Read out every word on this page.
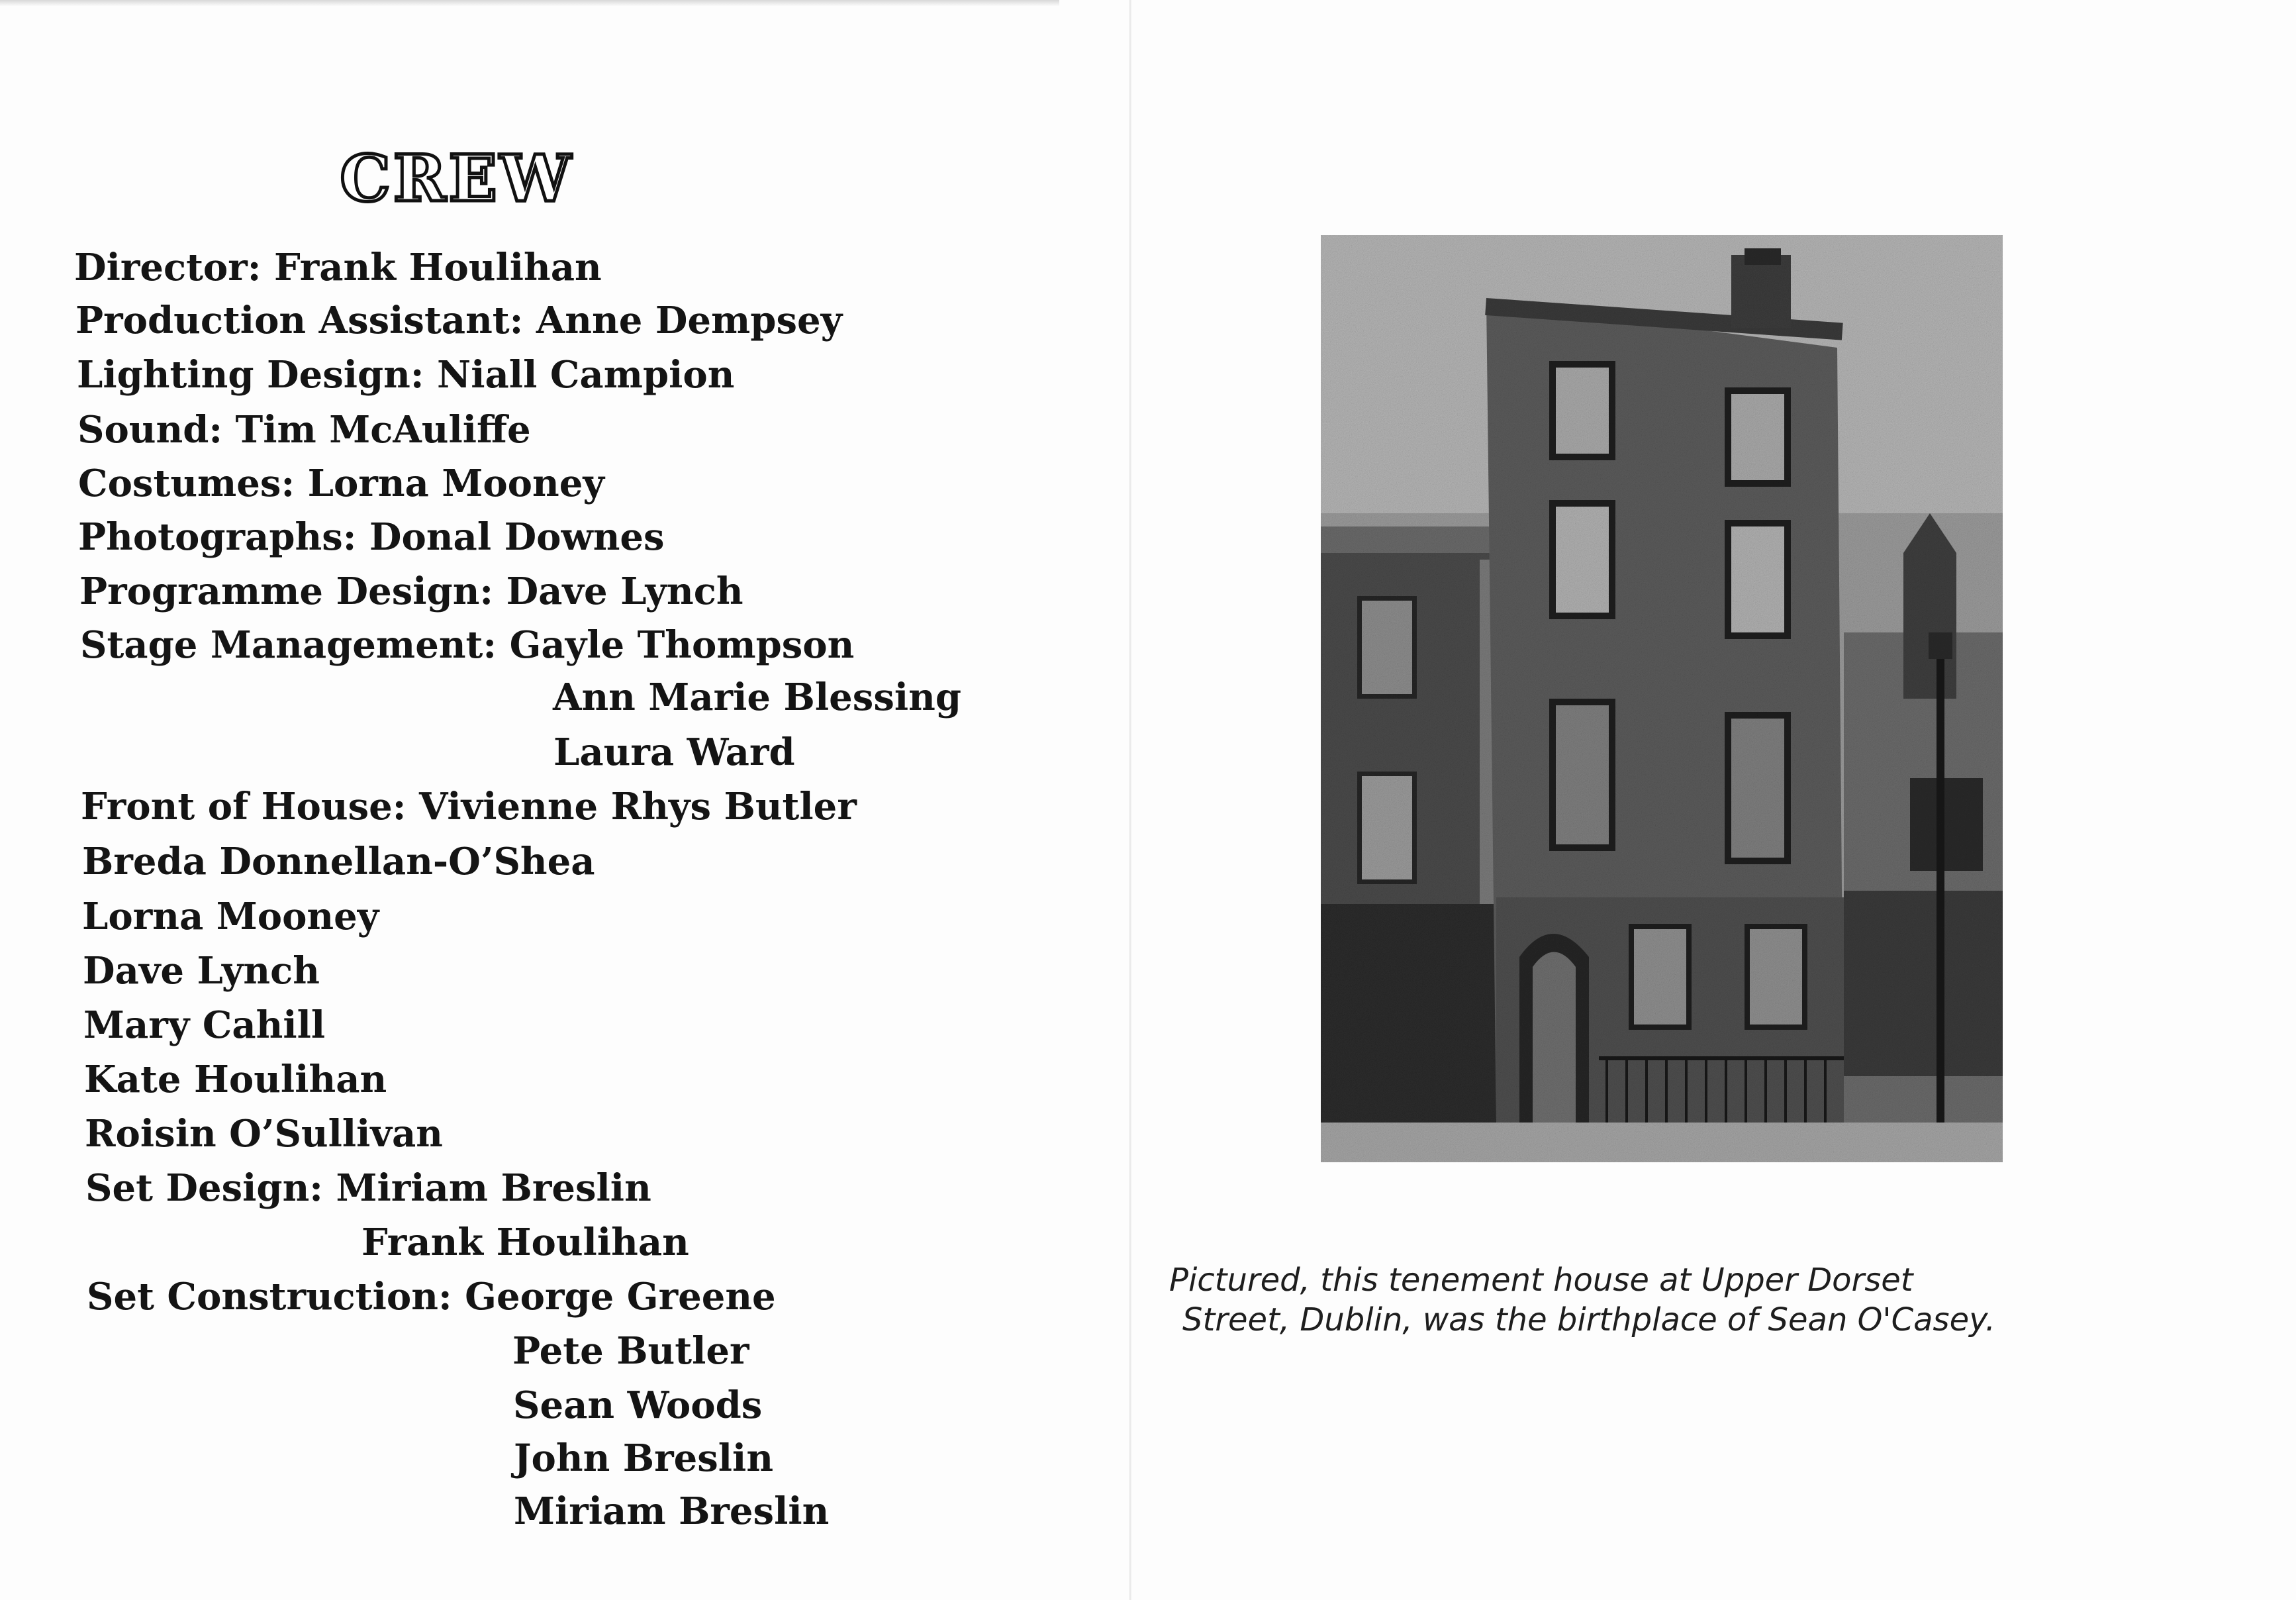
CREW
Director: Frank Houlihan
Production Assistant: Anne Dempsey
Lighting Design: Niall Campion
Sound: Tim McAuliffe
Costumes: Lorna Mooney
Photographs: Donal Downes
Programme Design: Dave Lynch
Stage Management: Gayle Thompson
Ann Marie Blessing
Laura Ward
Front of House: Vivienne Rhys Butler
Breda Donnellan-O’Shea
Lorna Mooney
Dave Lynch
Mary Cahill
Kate Houlihan
Roisin O’Sullivan
Set Design: Miriam Breslin
Frank Houlihan
Set Construction: George Greene
Pete Butler
Sean Woods
John Breslin
Miriam Breslin
Pictured, this tenement house at Upper Dorset
Street, Dublin, was the birthplace of Sean O'Casey.
